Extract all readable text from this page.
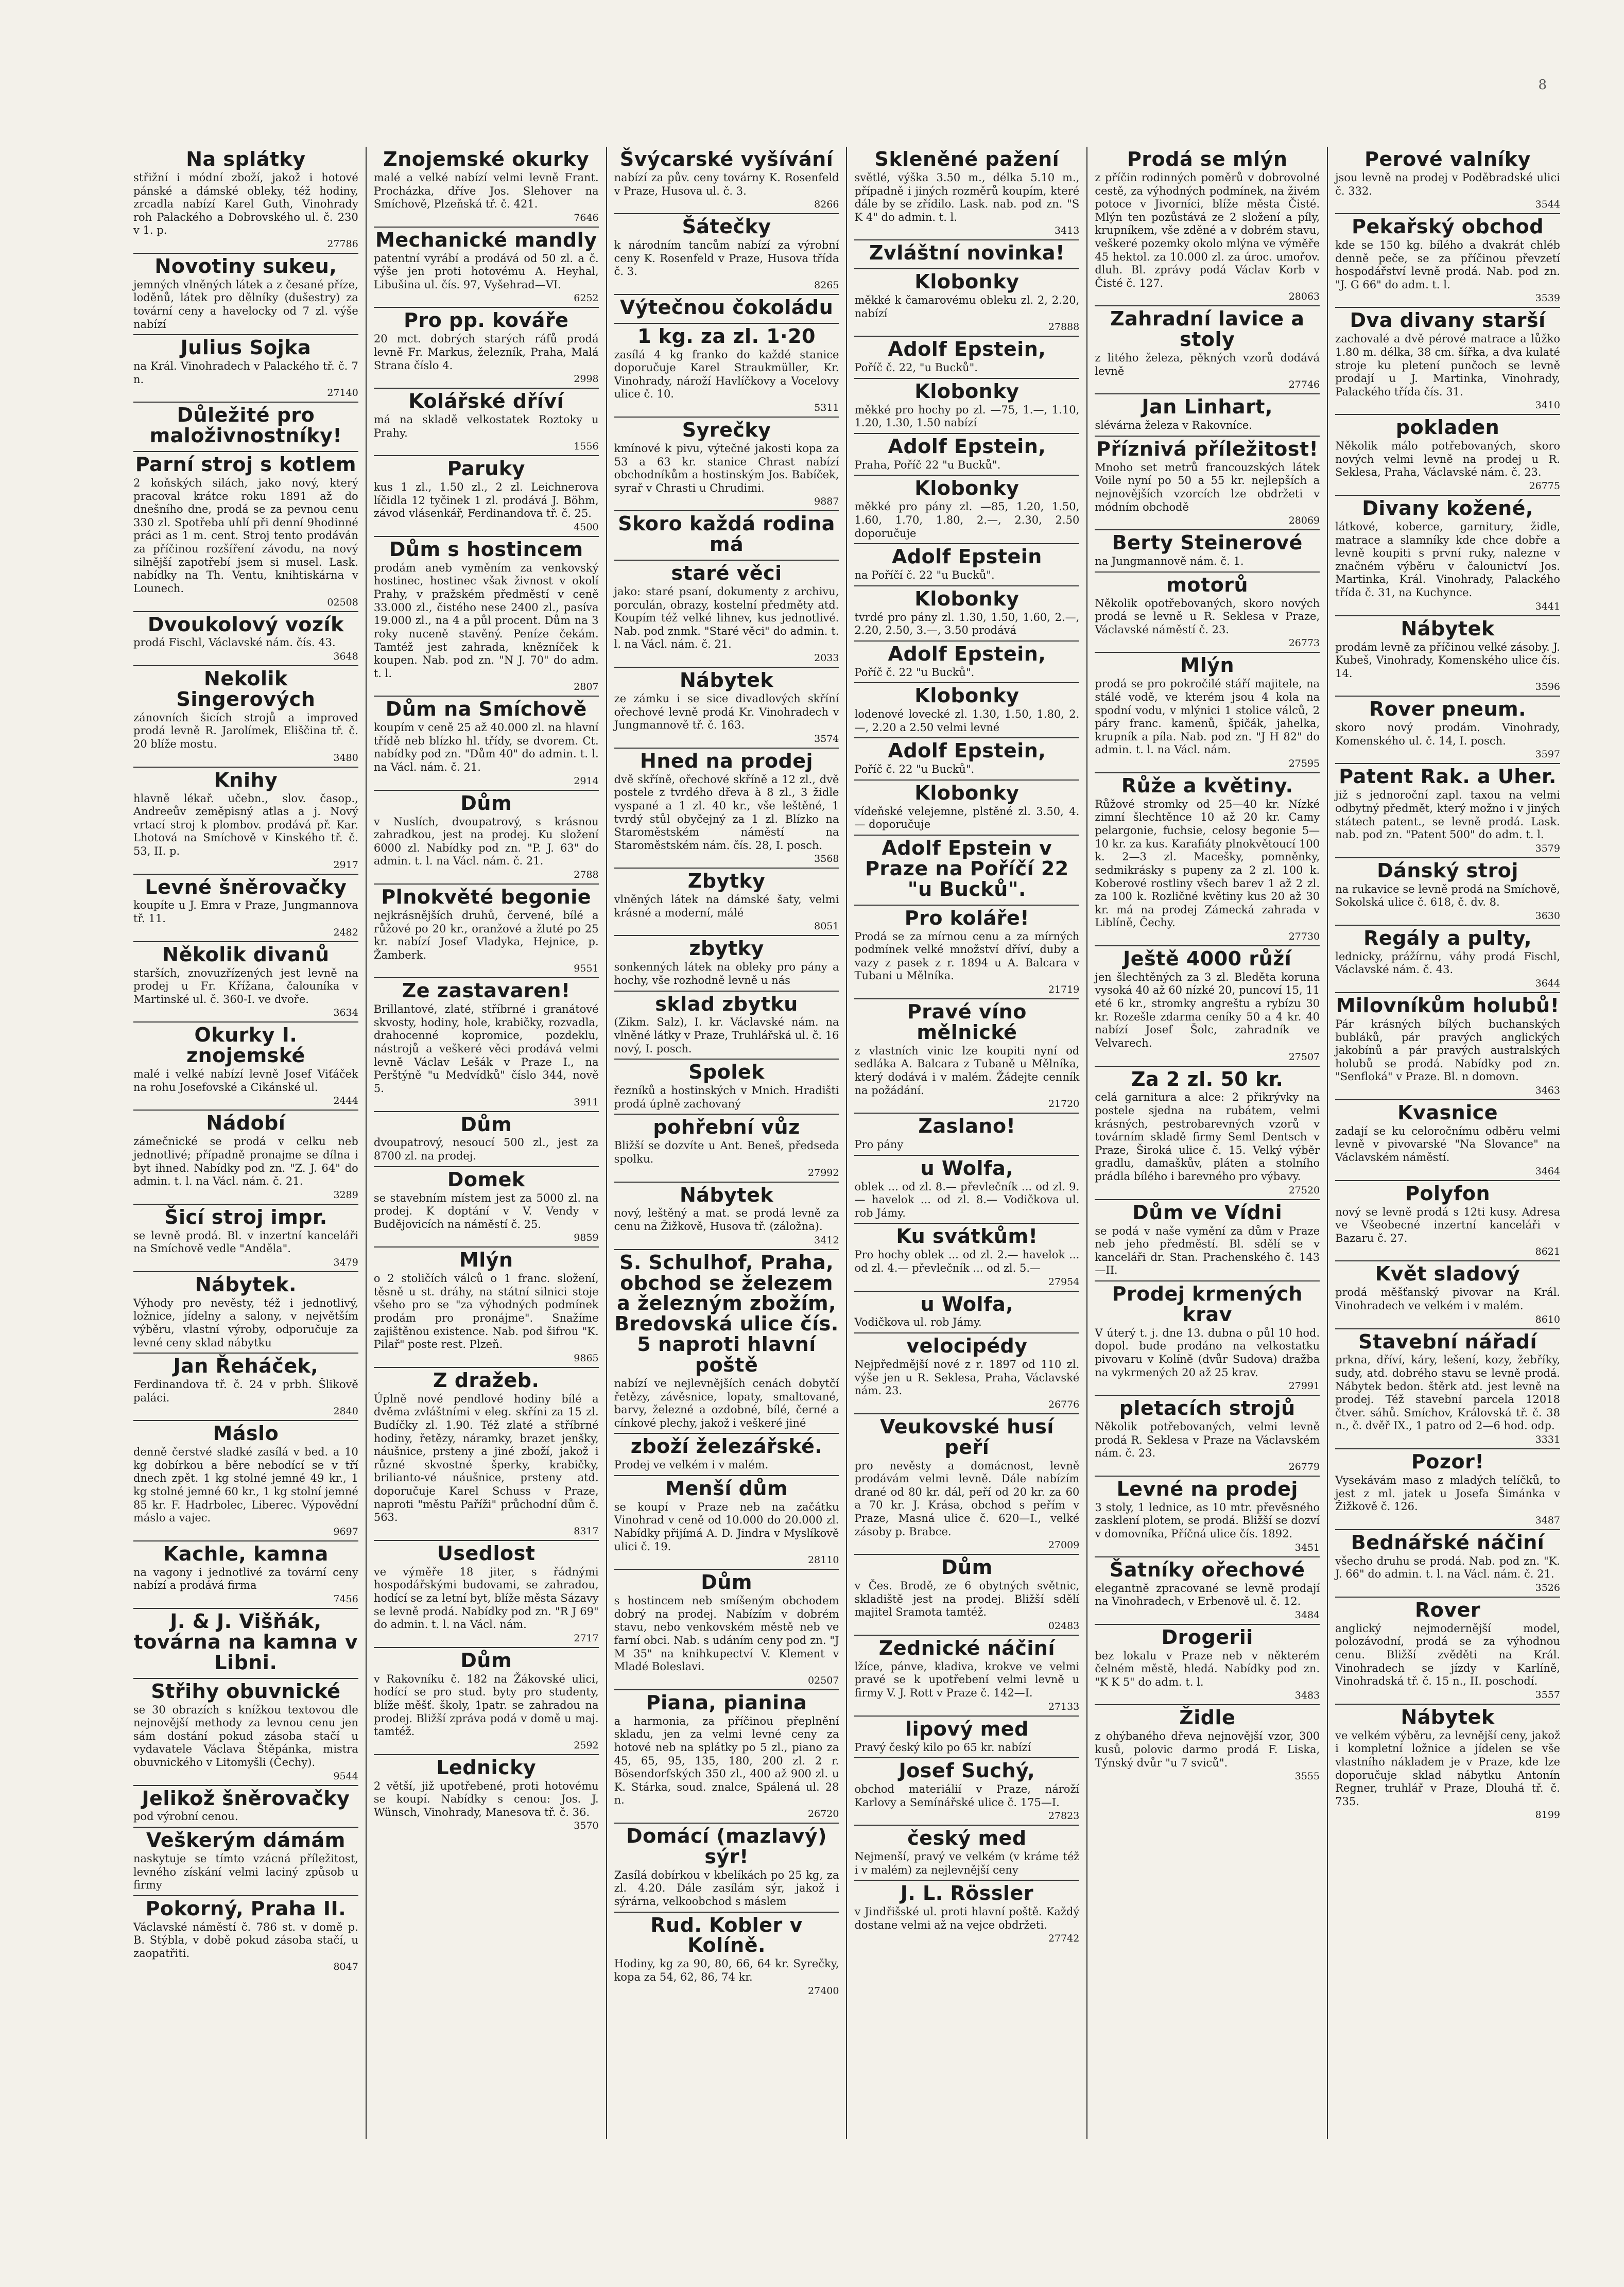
8
Na splátky

střižní i módní zboží, jakož i hotové pánské a dámské obleky, též hodiny, zrcadla nabízí Karel Guth, Vinohrady roh Palackého a Dobrovského ul. č. 230 v 1. p.

27786
Novotiny sukeu,

jemných vlněných látek a z česané příze, loděnů, látek pro dělníky (dušestry) za tovární ceny a havelocky od 7 zl. výše nabízí

Julius Sojka

na Král. Vinohradech v Palackého tř. č. 7 n.

27140
Důležité pro maloživnostníky!
Parní stroj s kotlem

2 koňských silách, jako nový, který pracoval krátce roku 1891 až do dnešního dne, prodá se za pevnou cenu 330 zl. Spotřeba uhlí při denní 9hodinné práci as 1 m. cent. Stroj tento prodáván za příčinou rozšíření závodu, na nový silnější zapotřebí jsem si musel. Lask. nabídky na Th. Ventu, knihtiskárna v Lounech.

02508
Dvoukolový vozík

prodá Fischl, Václavské nám. čís. 43.

3648
Nekolik Singerových

zánovních šicích strojů a improved prodá levně R. Jarolímek, Eliščina tř. č. 20 blíže mostu.

3480
Knihy

hlavně lékař. učebn., slov. časop., Andreeův zeměpisný atlas a j. Nový vrtací stroj k plombov. prodává př. Kar. Lhotová na Smíchově v Kinského tř. č. 53, II. p.

2917
Levné šněrovačky

koupíte u J. Emra v Praze, Jungmannova tř. 11.

2482
Několik divanů

starších, znovuzřízených jest levně na prodej u Fr. Křížana, čalouníka v Martinské ul. č. 360-I. ve dvoře.

3634
Okurky I. znojemské

malé i velké nabízí levně Josef Viťáček na rohu Josefovské a Cikánské ul.

2444
Nádobí

zámečnické se prodá v celku neb jednotlivé; případně pronajme se dílna i byt ihned. Nabídky pod zn. "Z. J. 64" do admin. t. l. na Václ. nám. č. 21.

3289
Šicí stroj impr.

se levně prodá. Bl. v inzertní kanceláři na Smíchově vedle "Anděla".

3479
Nábytek.

Výhody pro nevěsty, též i jednotlivý, ložnice, jídelny a salony, v největším výběru, vlastní výroby, odporučuje za levné ceny sklad nábytku

Jan Řeháček,

Ferdinandova tř. č. 24 v prbh. Šlikově paláci.

2840
Máslo

denně čerstvé sladké zasílá v bed. a 10 kg dobírkou a běre nebodící se v tří dnech zpět. 1 kg stolné jemné 49 kr., 1 kg stolné jemné 60 kr., 1 kg stolní jemné 85 kr. F. Hadrbolec, Liberec. Výpovědní máslo a vajec.

9697
Kachle, kamna

na vagony i jednotlivé za tovární ceny nabízí a prodává firma

7456
J. & J. Višňák, továrna na kamna v Libni.
Střihy obuvnické

se 30 obrazích s knížkou textovou dle nejnovější methody za levnou cenu jen sám dostání pokud zásoba stačí u vydavatele Václava Štěpánka, mistra obuvnického v Litomyšli (Čechy).

9544
Jelikož šněrovačky

pod výrobní cenou.

Veškerým dámám

naskytuje se tímto vzácná příležitost, levného získání velmi laciný způsob u firmy

Pokorný, Praha II.

Václavské náměstí č. 786 st. v domě p. B. Stýbla, v době pokud zásoba stačí, u zaopatřiti.

8047
Znojemské okurky

malé a velké nabízí velmi levně Frant. Procházka, dříve Jos. Slehover na Smíchově, Plzeňská tř. č. 421.

7646
Mechanické mandly

patentní vyrábí a prodává od 50 zl. a č. výše jen proti hotovému A. Heyhal, Libušina ul. čís. 97, Vyšehrad—VI.

6252
Pro pp. kováře

20 mct. dobrých starých ráfů prodá levně Fr. Markus, železník, Praha, Malá Strana číslo 4.

2998
Kolářské dříví

má na skladě velkostatek Roztoky u Prahy.

1556
Paruky

kus 1 zl., 1.50 zl., 2 zl. Leichnerova líčidla 12 tyčinek 1 zl. prodává J. Böhm, závod vlásenkář, Ferdinandova tř. č. 25.

4500
Dům s hostincem

prodám aneb vyměním za venkovský hostinec, hostinec však živnost v okolí Prahy, v pražském předměstí v ceně 33.000 zl., čistého nese 2400 zl., pasíva 19.000 zl., na 4 a půl procent. Dům na 3 roky nuceně stavěný. Peníze čekám. Tamtéž jest zahrada, knězníček k koupen. Nab. pod zn. "N J. 70" do adm. t. l.

2807
Dům na Smíchově

koupím v ceně 25 až 40.000 zl. na hlavní třídě neb blízko hl. třídy, se dvorem. Ct. nabídky pod zn. "Dům 40" do admin. t. l. na Václ. nám. č. 21.

2914
Dům

v Nuslích, dvoupatrový, s krásnou zahradkou, jest na prodej. Ku složení 6000 zl. Nabídky pod zn. "P. J. 63" do admin. t. l. na Václ. nám. č. 21.

2788
Plnokvěté begonie

nejkrásnějších druhů, červené, bílé a růžové po 20 kr., oranžové a žluté po 25 kr. nabízí Josef Vladyka, Hejnice, p. Žamberk.

9551
Ze zastavaren!

Brillantové, zlaté, stříbrné i granátové skvosty, hodiny, hole, krabičky, rozvadla, drahocenné kopromice, pozdeklu, nástrojů a veškeré věci prodává velmi levně Václav Lešák v Praze I., na Perštýně "u Medvídků" číslo 344, nově 5.

3911
Dům

dvoupatrový, nesoucí 500 zl., jest za 8700 zl. na prodej.

Domek

se stavebním místem jest za 5000 zl. na prodej. K doptání v V. Vendy v Budějovicích na náměstí č. 25.

9859
Mlýn

o 2 stoličích válců o 1 franc. složení, těsně u st. dráhy, na státní silnici stoje všeho pro se "za výhodných podmínek prodám pro pronájme". Snažíme zajištěnou existence. Nab. pod šifrou "K. Pilař" poste rest. Plzeň.

9865
Z dražeb.

Úplně nové pendlové hodiny bílé a dvěma zvláštními v eleg. skříni za 15 zl. Budíčky zl. 1.90. Též zlaté a stříbrné hodiny, řetězy, náramky, brazet jenšky, náušnice, prsteny a jiné zboží, jakož i různé skvostné šperky, krabičky, brilianto-vé náušnice, prsteny atd. doporučuje Karel Schuss v Praze, naproti "městu Paříži" průchodní dům č. 563.

8317
Usedlost

ve výměře 18 jiter, s řádnými hospodářskými budovami, se zahradou, hodící se za letní byt, blíže města Sázavy se levně prodá. Nabídky pod zn. "R J 69" do admin. t. l. na Václ. nám.

2717
Dům

v Rakovníku č. 182 na Žákovské ulici, hodící se pro stud. byty pro studenty, blíže měšť. školy, 1patr. se zahradou na prodej. Bližší zpráva podá v domě u maj. tamtéž.

2592
Lednicky

2 větší, již upotřebené, proti hotovému se koupí. Nabídky s cenou: Jos. J. Wünsch, Vinohrady, Manesova tř. č. 36.

3570
Švýcarské vyšívání

nabízí za pův. ceny továrny K. Rosenfeld v Praze, Husova ul. č. 3.

8266
Šátečky

k národním tancům nabízí za výrobní ceny K. Rosenfeld v Praze, Husova třída č. 3.

8265
Výtečnou čokoládu
1 kg. za zl. 1·20

zasílá 4 kg franko do každé stanice doporučuje Karel Straukmüller, Kr. Vinohrady, nároží Havlíčkovy a Vocelovy ulice č. 10.

5311
Syrečky

kmínové k pivu, výtečné jakosti kopa za 53 a 63 kr. stanice Chrast nabízí obchodníkům a hostinským Jos. Babíček, syrař v Chrasti u Chrudimi.

9887
Skoro každá rodina má
staré věci

jako: staré psaní, dokumenty z archivu, porculán, obrazy, kostelní předměty atd. Koupím též velké lihnev, kus jednotlivé. Nab. pod znmk. "Staré věci" do admin. t. l. na Václ. nám. č. 21.

2033
Nábytek

ze zámku i se sice divadlových skříní ořechové levně prodá Kr. Vinohradech v Jungmannově tř. č. 163.

3574
Hned na prodej

dvě skříně, ořechové skříně a 12 zl., dvě postele z tvrdého dřeva à 8 zl., 3 židle vyspané a 1 zl. 40 kr., vše leštěné, 1 tvrdý stůl obyčejný za 1 zl. Blízko na Staroměstském náměstí na Staroměstském nám. čís. 28, I. posch.

3568
Zbytky

vlněných látek na dámské šaty, velmi krásné a moderní, málé

8051
zbytky

sonkenných látek na obleky pro pány a hochy, vše rozhodně levně u nás

sklad zbytku

(Zikm. Salz), I. kr. Václavské nám. na vlněné látky v Praze, Truhlářská ul. č. 16 nový, I. posch.

Spolek

řezníků a hostinských v Mnich. Hradišti prodá úplně zachovaný

pohřební vůz

Bližší se dozvíte u Ant. Beneš, předseda spolku.

27992
Nábytek

nový, leštěný a mat. se prodá levně za cenu na Žižkově, Husova tř. (záložna).

3412
S. Schulhof, Praha, obchod se železem a železným zbožím, Bredovská ulice čís. 5 naproti hlavní poště

nabízí ve nejlevnějších cenách dobytčí řetězy, závěsnice, lopaty, smaltované, barvy, železné a ozdobné, bílé, černé a cínkové plechy, jakož i veškeré jiné

zboží železářské.

Prodej ve velkém i v malém.

Menší dům

se koupí v Praze neb na začátku Vinohrad v ceně od 10.000 do 20.000 zl. Nabídky přijímá A. D. Jindra v Myslíkově ulici č. 19.

28110
Dům

s hostincem neb smíšeným obchodem dobrý na prodej. Nabízím v dobrém stavu, nebo venkovském městě neb ve farní obci. Nab. s udáním ceny pod zn. "J M 35" na knihkupectví V. Klement v Mladé Boleslavi.

02507
Piana, pianina

a harmonia, za příčinou přeplnění skladu, jen za velmi levné ceny za hotové neb na splátky po 5 zl., piano za 45, 65, 95, 135, 180, 200 zl. 2 r. Bösendorfských 350 zl., 400 až 900 zl. u K. Stárka, soud. znalce, Spálená ul. 28 n.

26720
Domácí (mazlavý) sýr!

Zasílá dobírkou v kbelíkách po 25 kg, za zl. 4.20. Dále zasílám sýr, jakož i sýrárna, velkoobchod s máslem

Rud. Kobler v Kolíně.

Hodiny, kg za 90, 80, 66, 64 kr. Syrečky, kopa za 54, 62, 86, 74 kr.

27400
Skleněné pažení

světlé, výška 3.50 m., délka 5.10 m., případně i jiných rozměrů koupím, které dále by se zřídilo. Lask. nab. pod zn. "S K 4" do admin. t. l.

3413
Zvláštní novinka!
Klobonky

měkké k čamarovému obleku zl. 2, 2.20, nabízí

27888
Adolf Epstein,

Poříč č. 22, "u Bucků".

Klobonky

měkké pro hochy po zl. —75, 1.—, 1.10, 1.20, 1.30, 1.50 nabízí

Adolf Epstein,

Praha, Poříč 22 "u Bucků".

Klobonky

měkké pro pány zl. —85, 1.20, 1.50, 1.60, 1.70, 1.80, 2.—, 2.30, 2.50 doporučuje

Adolf Epstein

na Poříčí č. 22 "u Bucků".

Klobonky

tvrdé pro pány zl. 1.30, 1.50, 1.60, 2.—, 2.20, 2.50, 3.—, 3.50 prodává

Adolf Epstein,

Poříč č. 22 "u Bucků".

Klobonky

lodenové lovecké zl. 1.30, 1.50, 1.80, 2.—, 2.20 a 2.50 velmi levné

Adolf Epstein,

Poříč č. 22 "u Bucků".

Klobonky

vídeňské velejemne, plstěné zl. 3.50, 4.— doporučuje

Adolf Epstein v Praze na Poříčí 22 "u Bucků".
Pro koláře!

Prodá se za mírnou cenu a za mírných podmínek velké množství dříví, duby a vazy z pasek z r. 1894 u A. Balcara v Tubani u Mělníka.

21719
Pravé víno mělnické

z vlastních vinic lze koupiti nyní od sedláka A. Balcara z Tubaně u Mělníka, který dodává i v malém. Žádejte cenník na požádání.

21720
Zaslano!

Pro pány

u Wolfa,

oblek ... od zl. 8.— převlečník ... od zl. 9.— havelok ... od zl. 8.— Vodičkova ul. rob Jámy.

Ku svátkům!

Pro hochy oblek ... od zl. 2.— havelok ... od zl. 4.— převlečník ... od zl. 5.—

27954
u Wolfa,

Vodičkova ul. rob Jámy.

velocipédy

Nejpředmější nové z r. 1897 od 110 zl. výše jen u R. Seklesa, Praha, Václavské nám. 23.

26776
Veukovské husí peří

pro nevěsty a domácnost, levně prodávám velmi levně. Dále nabízím drané od 80 kr. dál, peří od 20 kr. za 60 a 70 kr. J. Krása, obchod s peřím v Praze, Masná ulice č. 620—I., velké zásoby p. Brabce.

27009
Dům

v Čes. Brodě, ze 6 obytných světnic, skladiště jest na prodej. Bližší sdělí majitel Sramota tamtéž.

02483
Zednické náčiní

lžíce, pánve, kladiva, krokve ve velmi pravé se k upotřebení velmi levně u firmy V. J. Rott v Praze č. 142—I.

27133
lipový med

Pravý český kilo po 65 kr. nabízí

Josef Suchý,

obchod materiálií v Praze, nároží Karlovy a Semínářské ulice č. 175—I.

27823
český med

Nejmenší, pravý ve velkém (v kráme též i v malém) za nejlevnější ceny

J. L. Rössler

v Jindřišské ul. proti hlavní poště. Každý dostane velmi až na vejce obdržeti.

27742
Prodá se mlýn

z příčin rodinných poměrů v dobrovolné cestě, za výhodných podmínek, na živém potoce v Jivorníci, blíže města Čisté. Mlýn ten pozůstává ze 2 složení a píly, krupníkem, vše zděné a v dobrém stavu, veškeré pozemky okolo mlýna ve výměře 45 hektol. za 10.000 zl. za úroc. umořov. dluh. Bl. zprávy podá Václav Korb v Čisté č. 127.

28063
Zahradní lavice a stoly

z litého železa, pěkných vzorů dodává levně

27746
Jan Linhart,

slévárna železa v Rakovníce.

Příznivá příležitost!

Mnoho set metrů francouzských látek Voile nyní po 50 a 55 kr. nejlepších a nejnovějších vzorcích lze obdržeti v módním obchodě

28069
Berty Steinerové

na Jungmannově nám. č. 1.

motorů

Několik opotřebovaných, skoro nových prodá se levně u R. Seklesa v Praze, Václavské náměstí č. 23.

26773
Mlýn

prodá se pro pokročilé stáří majitele, na stálé vodě, ve kterém jsou 4 kola na spodní vodu, v mlýnici 1 stolice válců, 2 páry franc. kamenů, špičák, jahelka, krupník a píla. Nab. pod zn. "J H 82" do admin. t. l. na Václ. nám.

27595
Růže a květiny.

Růžové stromky od 25—40 kr. Nízké zimní šlechtěnce 10 až 20 kr. Camy pelargonie, fuchsie, celosy begonie 5—10 kr. za kus. Karafiáty plnokvětoucí 100 k. 2—3 zl. Macešky, pomněnky, sedmikrásky s pupeny za 2 zl. 100 k. Koberové rostliny všech barev 1 až 2 zl. za 100 k. Rozličné květiny kus 20 až 30 kr. má na prodej Zámecká zahrada v Liblíně, Čechy.

27730
Ještě 4000 růží

jen šlechtěných za 3 zl. Bleděta koruna vysoká 40 až 60 nízké 20, puncoví 15, 11 eté 6 kr., stromky angreštu a rybízu 30 kr. Rozešle zdarma ceníky 50 a 4 kr. 40 nabízí Josef Šolc, zahradník ve Velvarech.

27507
Za 2 zl. 50 kr.

celá garnitura a alce: 2 přikrývky na postele sjedna na rubátem, velmi krásných, pestrobarevných vzorů v továrním skladě firmy Seml Dentsch v Praze, Široká ulice č. 15. Velký výběr gradlu, damaškův, pláten a stolního prádla bílého i barevného pro výbavy.

27520
Dům ve Vídni

se podá v naše vymění za dům v Praze neb jeho předměstí. Bl. sdělí se v kanceláři dr. Stan. Prachenského č. 143—II.

Prodej krmených krav

V úterý t. j. dne 13. dubna o půl 10 hod. dopol. bude prodáno na velkostatku pivovaru v Kolíně (dvůr Sudova) dražba na vykrmených 20 až 25 krav.

27991
pletacích strojů

Několik potřebovaných, velmi levně prodá R. Seklesa v Praze na Václavském nám. č. 23.

26779
Levné na prodej

3 stoly, 1 lednice, as 10 mtr. převěsného zasklení plotem, se prodá. Bližší se dozví v domovníka, Příčná ulice čís. 1892.

3451
Šatníky ořechové

elegantně zpracované se levně prodají na Vinohradech, v Erbenově ul. č. 12.

3484
Drogerii

bez lokalu v Praze neb v některém čelném městě, hledá. Nabídky pod zn. "K K 5" do adm. t. l.

3483
Židle

z ohýbaného dřeva nejnovější vzor, 300 kusů, polovic darmo prodá F. Liska, Týnský dvůr "u 7 sviců".

3555
Perové valníky

jsou levně na prodej v Poděbradské ulici č. 332.

3544
Pekařský obchod

kde se 150 kg. bílého a dvakrát chléb denně peče, se za příčinou převzetí hospodářství levně prodá. Nab. pod zn. "J. G 66" do adm. t. l.

3539
Dva divany starší

zachovalé a dvě pérové matrace a lůžko 1.80 m. délka, 38 cm. šířka, a dva kulaté stroje ku pletení punčoch se levně prodají u J. Martinka, Vinohrady, Palackého třída čís. 31.

3410
pokladen

Několik málo potřebovaných, skoro nových velmi levně na prodej u R. Seklesa, Praha, Václavské nám. č. 23.

26775
Divany kožené,

látkové, koberce, garnitury, židle, matrace a slamníky kde chce dobře a levně koupiti s první ruky, nalezne v značném výběru v čalounictví Jos. Martinka, Král. Vinohrady, Palackého třída č. 31, na Kuchynce.

3441
Nábytek

prodám levně za příčinou velké zásoby. J. Kubeš, Vinohrady, Komenského ulice čís. 14.

3596
Rover pneum.

skoro nový prodám. Vinohrady, Komenského ul. č. 14, I. posch.

3597
Patent Rak. a Uher.

již s jednoroční zapl. taxou na velmi odbytný předmět, který možno i v jiných státech patent., se levně prodá. Lask. nab. pod zn. "Patent 500" do adm. t. l.

3579
Dánský stroj

na rukavice se levně prodá na Smíchově, Sokolská ulice č. 618, č. dv. 8.

3630
Regály a pulty,

lednicky, prážírnu, váhy prodá Fischl, Václavské nám. č. 43.

3644
Milovníkům holubů!

Pár krásných bílých buchanských bubláků, pár pravých anglických jakobínů a pár pravých australských holubů se prodá. Nabídky pod zn. "Senfloká" v Praze. Bl. n domovn.

3463
Kvasnice

zadají se ku celoročnímu odběru velmi levně v pivovarské "Na Slovance" na Václavském náměstí.

3464
Polyfon

nový se levně prodá s 12ti kusy. Adresa ve Všeobecné inzertní kanceláři v Bazaru č. 27.

8621
Květ sladový

prodá měšťanský pivovar na Král. Vinohradech ve velkém i v malém.

8610
Stavební nářadí

prkna, dříví, káry, lešení, kozy, žebříky, sudy, atd. dobrého stavu se levně prodá. Nábytek bedon. štěrk atd. jest levně na prodej. Též stavební parcela 12018 čtver. sáhů. Smíchov, Královská tř. č. 38 n., č. dvěř IX., 1 patro od 2—6 hod. odp.

3331
Pozor!

Vysekávám maso z mladých telíčků, to jest z ml. jatek u Josefa Šimánka v Žižkově č. 126.

3487
Bednářské náčiní

všecho druhu se prodá. Nab. pod zn. "K. J. 66" do admin. t. l. na Václ. nám. č. 21.

3526
Rover

anglický nejmodernější model, polozávodní, prodá se za výhodnou cenu. Bližší zvěděti na Král. Vinohradech se jízdy v Karlíně, Vinohradská tř. č. 15 n., II. poschodí.

3557
Nábytek

ve velkém výběru, za levnější ceny, jakož i kompletní ložnice a jídelen se vše vlastního nákladem je v Praze, kde lze doporučuje sklad nábytku Antonín Regner, truhlář v Praze, Dlouhá tř. č. 735.

8199
